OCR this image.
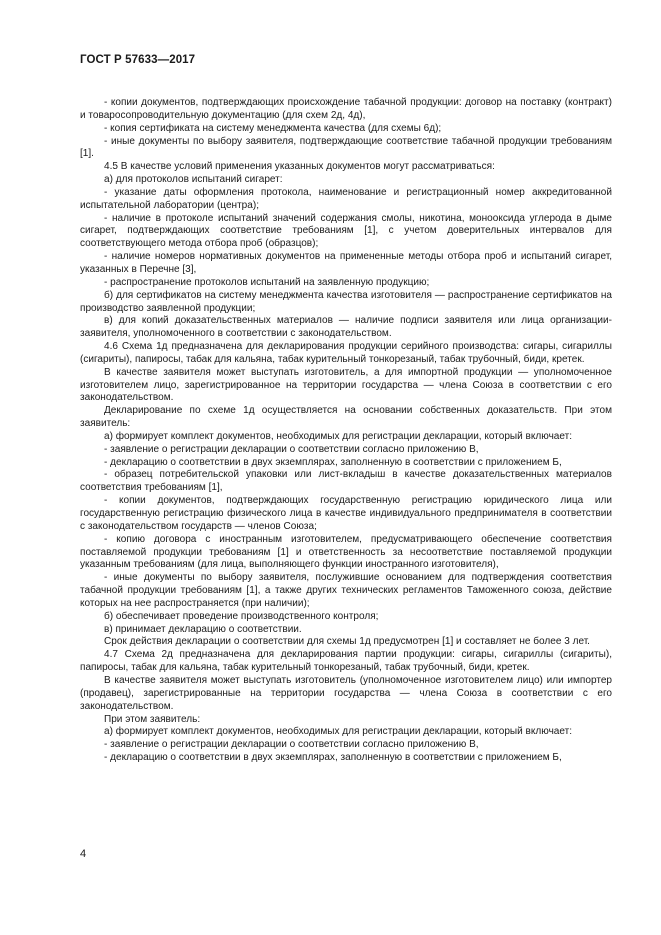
ГОСТ Р 57633—2017

- копии документов, подтверждающих происхождение табачной продукции: договор на поставку (контракт) и товаросопроводительную документацию (для схем 2д, 4д),

- копия сертификата на систему менеджмента качества (для схемы 6д);

- иные документы по выбору заявителя, подтверждающие соответствие табачной продукции требованиям [1].

4.5 В качестве условий применения указанных документов могут рассматриваться:

а) для протоколов испытаний сигарет:

- указание даты оформления протокола, наименование и регистрационный номер аккредитованной испытательной лаборатории (центра);

- наличие в протоколе испытаний значений содержания смолы, никотина, монооксида углерода в дыме сигарет, подтверждающих соответствие требованиям [1], с учетом доверительных интервалов для соответствующего метода отбора проб (образцов);

- наличие номеров нормативных документов на примененные методы отбора проб и испытаний сигарет, указанных в Перечне [3],

- распространение протоколов испытаний на заявленную продукцию;

б) для сертификатов на систему менеджмента качества изготовителя — распространение сертификатов на производство заявленной продукции;

в) для копий доказательственных материалов — наличие подписи заявителя или лица организации-заявителя, уполномоченного в соответствии с законодательством.

4.6 Схема 1д предназначена для декларирования продукции серийного производства: сигары, сигариллы (сигариты), папиросы, табак для кальяна, табак курительный тонкорезаный, табак трубочный, биди, кретек.

В качестве заявителя может выступать изготовитель, а для импортной продукции — уполномоченное изготовителем лицо, зарегистрированное на территории государства — члена Союза в соответствии с его законодательством.

Декларирование по схеме 1д осуществляется на основании собственных доказательств. При этом заявитель:

а) формирует комплект документов, необходимых для регистрации декларации, который включает:

- заявление о регистрации декларации о соответствии согласно приложению В,

- декларацию о соответствии в двух экземплярах, заполненную в соответствии с приложением Б,

- образец потребительской упаковки или лист-вкладыш в качестве доказательственных материалов соответствия требованиям [1],

- копии документов, подтверждающих государственную регистрацию юридического лица или государственную регистрацию физического лица в качестве индивидуального предпринимателя в соответствии с законодательством государств — членов Союза;

- копию договора с иностранным изготовителем, предусматривающего обеспечение соответствия поставляемой продукции требованиям [1] и ответственность за несоответствие поставляемой продукции указанным требованиям (для лица, выполняющего функции иностранного изготовителя),

- иные документы по выбору заявителя, послужившие основанием для подтверждения соответствия табачной продукции требованиям [1], а также других технических регламентов Таможенного союза, действие которых на нее распространяется (при наличии);

б) обеспечивает проведение производственного контроля;

в) принимает декларацию о соответствии.

Срок действия декларации о соответствии для схемы 1д предусмотрен [1] и составляет не более 3 лет.

4.7 Схема 2д предназначена для декларирования партии продукции: сигары, сигариллы (сигариты), папиросы, табак для кальяна, табак курительный тонкорезаный, табак трубочный, биди, кретек.

В качестве заявителя может выступать изготовитель (уполномоченное изготовителем лицо) или импортер (продавец), зарегистрированные на территории государства — члена Союза в соответствии с его законодательством.

При этом заявитель:

а) формирует комплект документов, необходимых для регистрации декларации, который включает:

- заявление о регистрации декларации о соответствии согласно приложению В,

- декларацию о соответствии в двух экземплярах, заполненную в соответствии с приложением Б,

4
